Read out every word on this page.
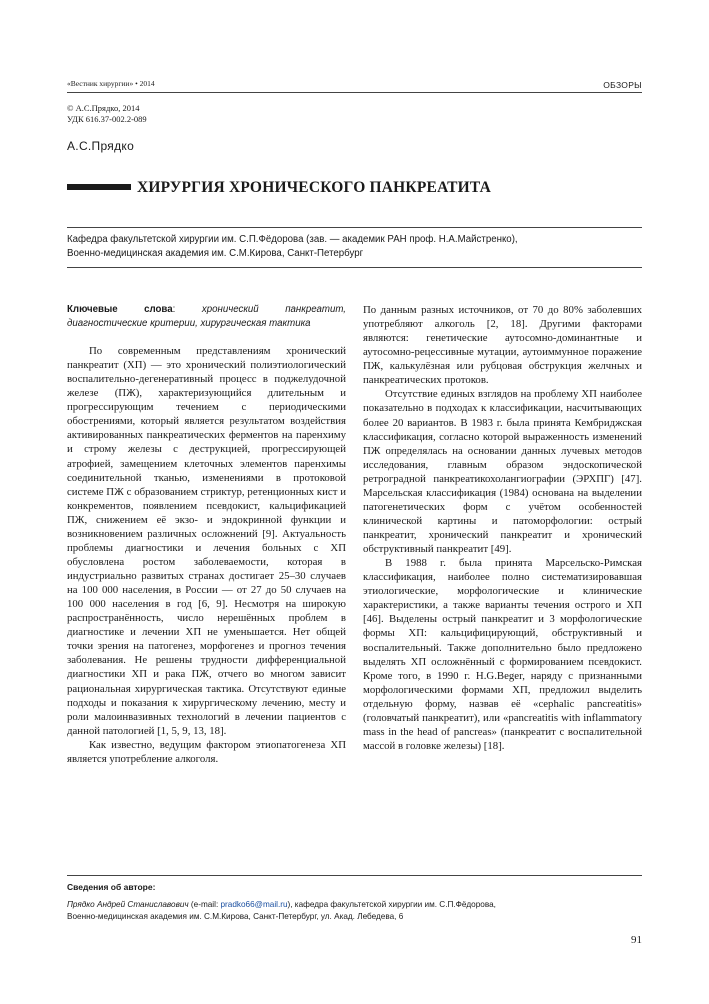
«Вестник хирургии» • 2014	ОБЗОРЫ
© А.С.Прядко, 2014
УДК 616.37-002.2-089
А.С.Прядко
ХИРУРГИЯ ХРОНИЧЕСКОГО ПАНКРЕАТИТА
Кафедра факультетской хирургии им. С.П.Фёдорова (зав. — академик РАН проф. Н.А.Майстренко),
Военно-медицинская академия им. С.М.Кирова, Санкт-Петербург

Ключевые слова:	хронический панкреатит, диагностические критерии, хирургическая тактика

По современным представлениям хронический панкреатит (ХП) — это хронический полиэтиологический воспалительно-дегенеративный процесс в поджелудочной железе (ПЖ), характеризующийся длительным и прогрессирующим течением с периодическими обострениями, который является результатом воздействия активированных панкреатических ферментов на паренхиму и строму железы с деструкцией, прогрессирующей атрофией, замещением клеточных элементов паренхимы соединительной тканью, изменениями в протоковой системе ПЖ с образованием стриктур, ретенционных кист и конкрементов, появлением псевдокист, кальцификацией ПЖ, снижением её экзо- и эндокринной функции и возникновением различных осложнений [9]. Актуальность проблемы диагностики и лечения больных с ХП обусловлена ростом заболеваемости, которая в индустриально развитых странах достигает 25–30 случаев на 100 000 населения, в России — от 27 до 50 случаев на 100 000 населения в год [6, 9]. Несмотря на широкую распространённость, число нерешённых проблем в диагностике и лечении ХП не уменьшается. Нет общей точки зрения на патогенез, морфогенез и прогноз течения заболевания. Не решены трудности дифференциальной диагностики ХП и рака ПЖ, отчего во многом зависит рациональная хирургическая тактика. Отсутствуют единые подходы и показания к хирургическому лечению, месту и роли малоинвазивных технологий в лечении пациентов с данной патологией [1, 5, 9, 13, 18].

Как известно, ведущим фактором этиопатогенеза ХП является употребление алкоголя.

По данным разных источников, от 70 до 80% заболевших употребляют алкоголь [2, 18]. Другими факторами являются: генетические аутосомно-доминантные и аутосомно-рецессивные мутации, аутоиммунное поражение ПЖ, калькулёзная или рубцовая обструкция желчных и панкреатических протоков.

Отсутствие единых взглядов на проблему ХП наиболее показательно в подходах к классификации, насчитывающих более 20 вариантов. В 1983 г. была принята Кембриджская классификация, согласно которой выраженность изменений ПЖ определялась на основании данных лучевых методов исследования, главным образом эндоскопической ретроградной панкреатикохолангиографии (ЭРХПГ) [47]. Марсельская классификация (1984) основана на выделении патогенетических форм с учётом особенностей клинической картины и патоморфологии: острый панкреатит, хронический панкреатит и хронический обструктивный панкреатит [49].

В 1988 г. была принята Марсельско-Римская классификация, наиболее полно систематизировавшая этиологические, морфологические и клинические характеристики, а также варианты течения острого и ХП [46]. Выделены острый панкреатит и 3 морфологические формы ХП: кальцифицирующий, обструктивный и воспалительный. Также дополнительно было предложено выделять ХП осложнённый с формированием псевдокист. Кроме того, в 1990 г. H.G.Beger, наряду с признанными морфологическими формами ХП, предложил выделить отдельную форму, назвав её «cephalic pancreatitis» (головчатый панкреатит), или «pancreatitis with inflammatory mass in the head of pancreas» (панкреатит с воспалительной массой в головке железы) [18].

Сведения об авторе:
Прядко Андрей Станиславович (e-mail: pradko66@mail.ru), кафедра факультетской хирургии им. С.П.Фёдорова,
Военно-медицинская академия им. С.М.Кирова, Санкт-Петербург, ул. Акад. Лебедева, 6
91
